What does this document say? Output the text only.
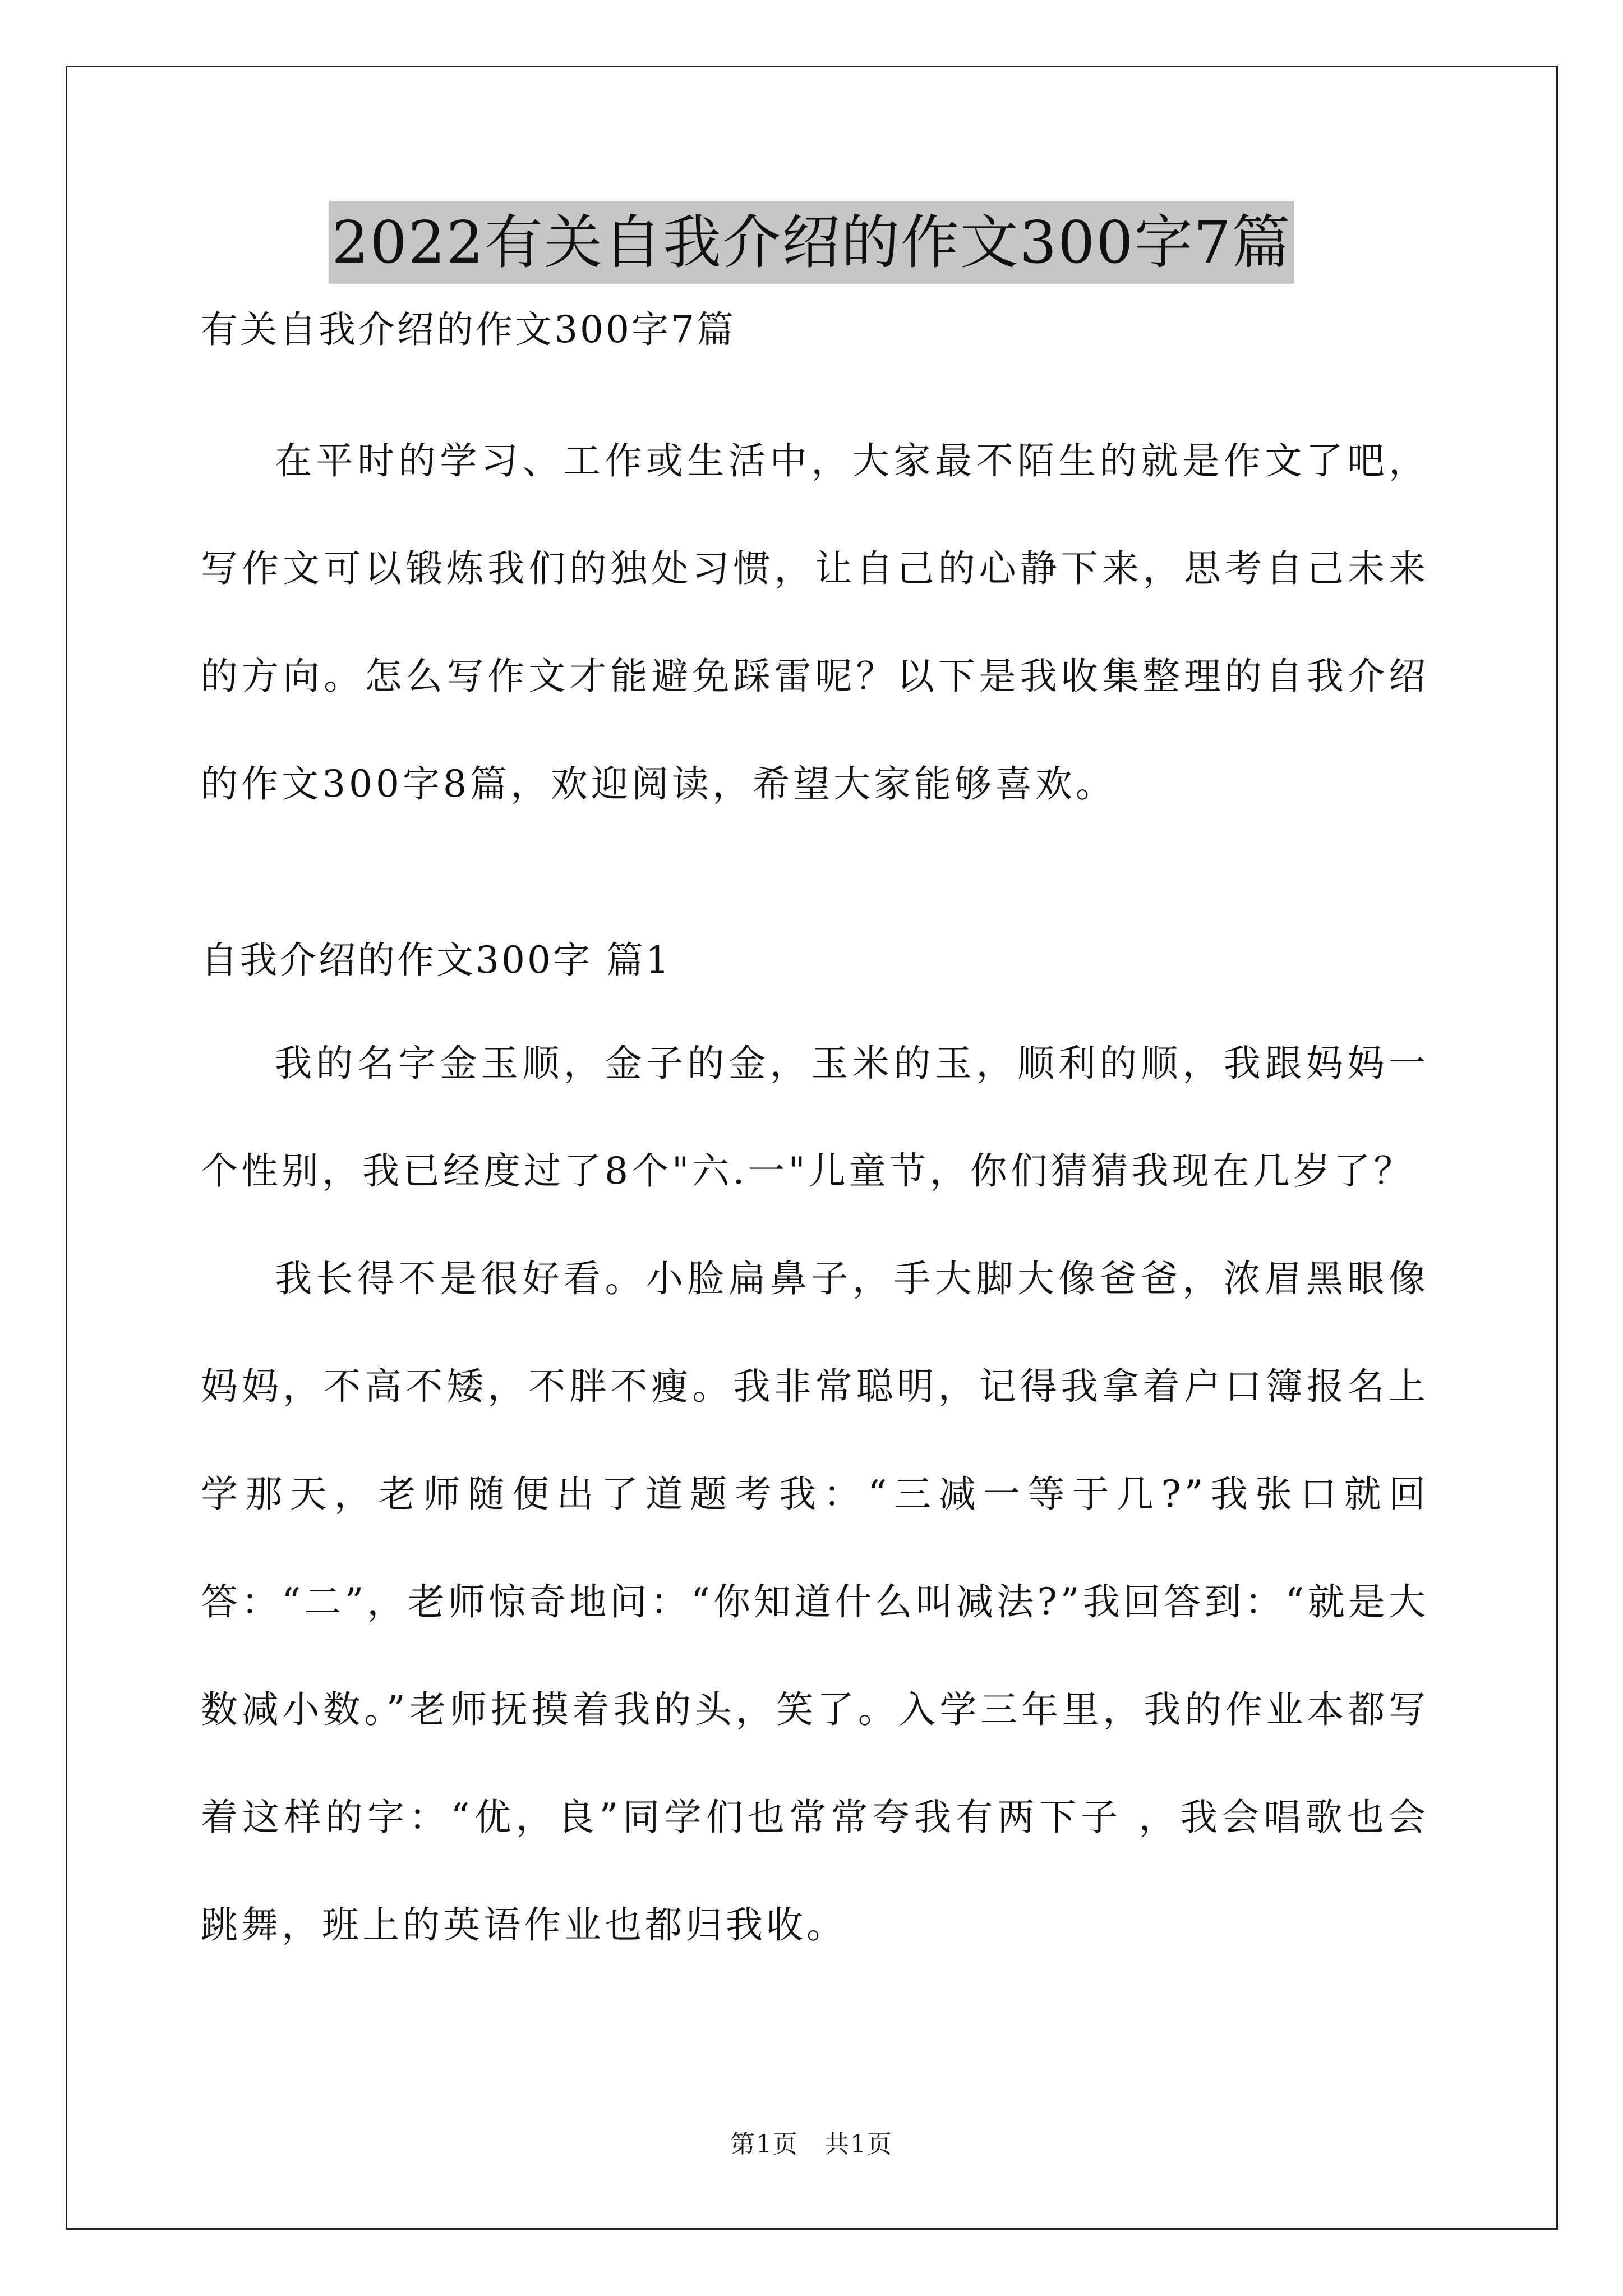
2022有关自我介绍的作文300字7篇
有关自我介绍的作文300字7篇

在平时的学习、工作或生活中，大家最不陌生的就是作文了吧，写作文可以锻炼我们的独处习惯，让自己的心静下来，思考自己未来的方向。怎么写作文才能避免踩雷呢？以下是我收集整理的自我介绍的作文300字8篇，欢迎阅读，希望大家能够喜欢。

自我介绍的作文300字 篇1

我的名字金玉顺，金子的金，玉米的玉，顺利的顺，我跟妈妈一个性别，我已经度过了8个"六.一"儿童节，你们猜猜我现在几岁了？

我长得不是很好看。小脸扁鼻子，手大脚大像爸爸，浓眉黑眼像妈妈，不高不矮，不胖不瘦。我非常聪明，记得我拿着户口簿报名上学那天，老师随便出了道题考我：“三减一等于几?”我张口就回答：“二”，老师惊奇地问：“你知道什么叫减法?”我回答到：“就是大数减小数。”老师抚摸着我的头，笑了。入学三年里，我的作业本都写着这样的字：“优，良”同学们也常常夸我有两下子 ，我会唱歌也会跳舞，班上的英语作业也都归我收。

第1页　共1页
